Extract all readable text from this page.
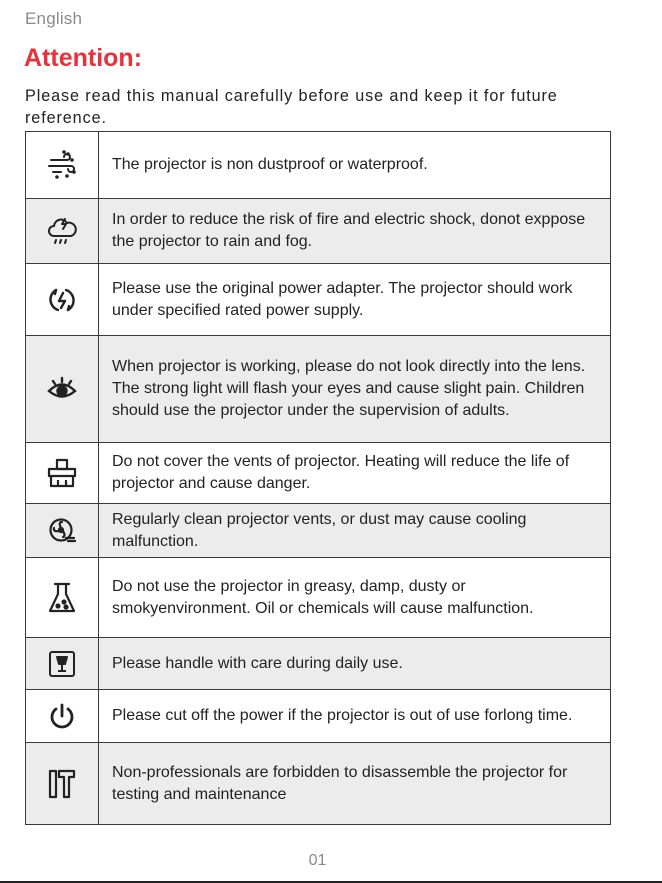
English
Attention:
Please read this manual carefully before use and keep it for future reference.
	The projector is non dustproof or waterproof.

	In order to reduce the risk of fire and electric shock, donot exppose the projector to rain and fog.

	Please use the original power adapter. The projector should work under specified rated power supply.

	When projector is working, please do not look directly into the lens. The strong light will flash your eyes and cause slight pain. Children should use the projector under the supervision of adults.

	Do not cover the vents of projector. Heating will reduce the life of projector and cause danger.

	Regularly clean projector vents, or dust may cause cooling malfunction.

	Do not use the projector in greasy, damp, dusty or smokyenvironment. Oil or chemicals will cause malfunction.

	Please handle with care during daily use.

	Please cut off the power if the projector is out of use forlong time.

	Non-professionals are forbidden to disassemble the projector for testing and maintenance
01
